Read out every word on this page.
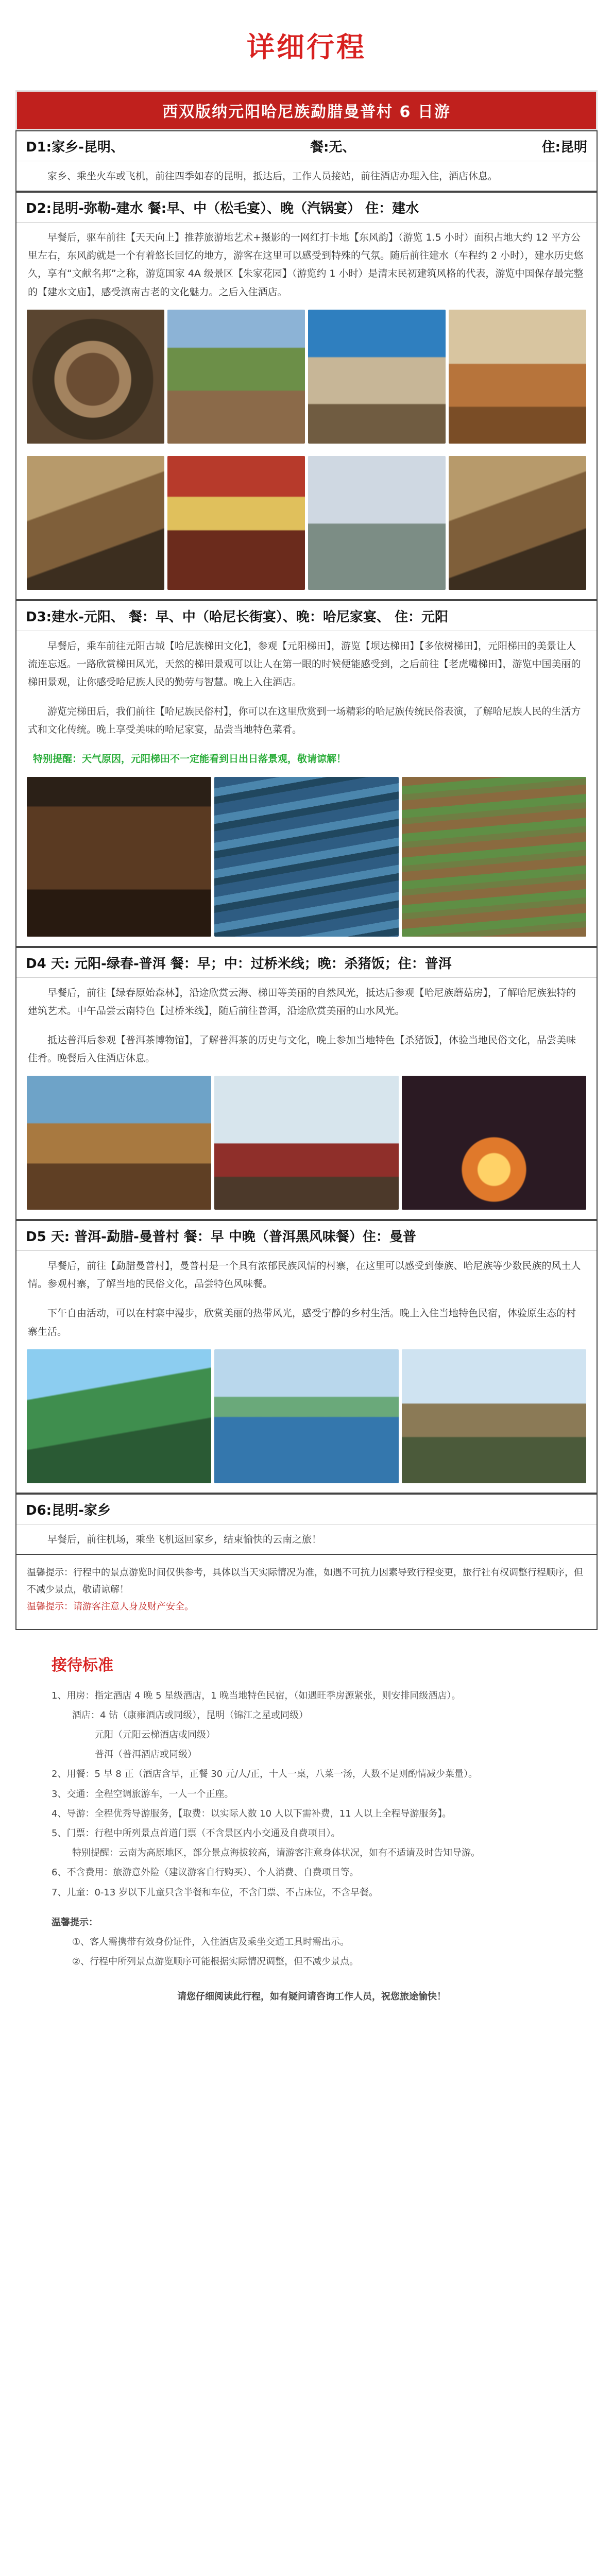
详细行程
西双版纳元阳哈尼族勐腊曼普村 6 日游
D1:家乡-昆明、	餐:无、	住:昆明
家乡、乘坐火车或飞机，前往四季如春的昆明，抵达后，工作人员接站，前往酒店办理入住，酒店休息。
D2:昆明-弥勒-建水 餐:早、中（松毛宴）、晚（汽锅宴） 住：建水
早餐后，驱车前往【天天向上】推荐旅游地艺术+摄影的一网红打卡地【东风韵】（游览 1.5 小时）面积占地大约 12 平方公里左右，东风韵就是一个有着悠长回忆的地方，游客在这里可以感受到特殊的气氛。随后前往建水（车程约 2 小时），建水历史悠久，享有“文献名邦”之称，游览国家 4A 级景区【朱家花园】（游览约 1 小时）是清末民初建筑风格的代表，游览中国保存最完整的【建水文庙】，感受滇南古老的文化魅力。之后入住酒店。
D3:建水-元阳、 餐：早、中（哈尼长街宴）、晚：哈尼家宴、 住：元阳
早餐后，乘车前往元阳古城【哈尼族梯田文化】，参观【元阳梯田】，游览【坝达梯田】【多依树梯田】，元阳梯田的美景让人流连忘返。一路欣赏梯田风光，天然的梯田景观可以让人在第一眼的时候便能感受到，之后前往【老虎嘴梯田】，游览中国美丽的梯田景观，让你感受哈尼族人民的勤劳与智慧。晚上入住酒店。
游览完梯田后，我们前往【哈尼族民俗村】，你可以在这里欣赏到一场精彩的哈尼族传统民俗表演，了解哈尼族人民的生活方式和文化传统。晚上享受美味的哈尼家宴，品尝当地特色菜肴。
特别提醒：天气原因，元阳梯田不一定能看到日出日落景观，敬请谅解！
D4 天: 元阳-绿春-普洱 餐：早；中：过桥米线；晚：杀猪饭；住：普洱
早餐后，前往【绿春原始森林】，沿途欣赏云海、梯田等美丽的自然风光，抵达后参观【哈尼族蘑菇房】，了解哈尼族独特的建筑艺术。中午品尝云南特色【过桥米线】，随后前往普洱，沿途欣赏美丽的山水风光。
抵达普洱后参观【普洱茶博物馆】，了解普洱茶的历史与文化，晚上参加当地特色【杀猪饭】，体验当地民俗文化，品尝美味佳肴。晚餐后入住酒店休息。
D5 天: 普洱-勐腊-曼普村 餐：早 中晚（普洱黑风味餐）住：曼普
早餐后，前往【勐腊曼普村】，曼普村是一个具有浓郁民族风情的村寨，在这里可以感受到傣族、哈尼族等少数民族的风土人情。参观村寨，了解当地的民俗文化，品尝特色风味餐。
下午自由活动，可以在村寨中漫步，欣赏美丽的热带风光，感受宁静的乡村生活。晚上入住当地特色民宿，体验原生态的村寨生活。
D6:昆明-家乡
早餐后，前往机场，乘坐飞机返回家乡，结束愉快的云南之旅！
温馨提示：行程中的景点游览时间仅供参考，具体以当天实际情况为准，如遇不可抗力因素导致行程变更，旅行社有权调整行程顺序，但不减少景点，敬请谅解！
温馨提示：请游客注意人身及财产安全。
接待标准
1、用房：指定酒店 4 晚 5 星级酒店，1 晚当地特色民宿，（如遇旺季房源紧张，则安排同级酒店）。
酒店：4 钻（康雍酒店或同级），昆明（锦江之星或同级）
元阳（元阳云梯酒店或同级）
普洱（普洱酒店或同级）
2、用餐：5 早 8 正（酒店含早，正餐 30 元/人/正，十人一桌，八菜一汤，人数不足则酌情减少菜量）。
3、交通：全程空调旅游车，一人一个正座。
4、导游：全程优秀导游服务，【取费：以实际人数 10 人以下需补费，11 人以上全程导游服务】。
5、门票：行程中所列景点首道门票（不含景区内小交通及自费项目）。
特别提醒：云南为高原地区，部分景点海拔较高，请游客注意身体状况，如有不适请及时告知导游。
6、不含费用：旅游意外险（建议游客自行购买）、个人消费、自费项目等。
7、儿童：0-13 岁以下儿童只含半餐和车位，不含门票、不占床位，不含早餐。
温馨提示：
①、客人需携带有效身份证件，入住酒店及乘坐交通工具时需出示。
②、行程中所列景点游览顺序可能根据实际情况调整，但不减少景点。
请您仔细阅读此行程，如有疑问请咨询工作人员，祝您旅途愉快！
